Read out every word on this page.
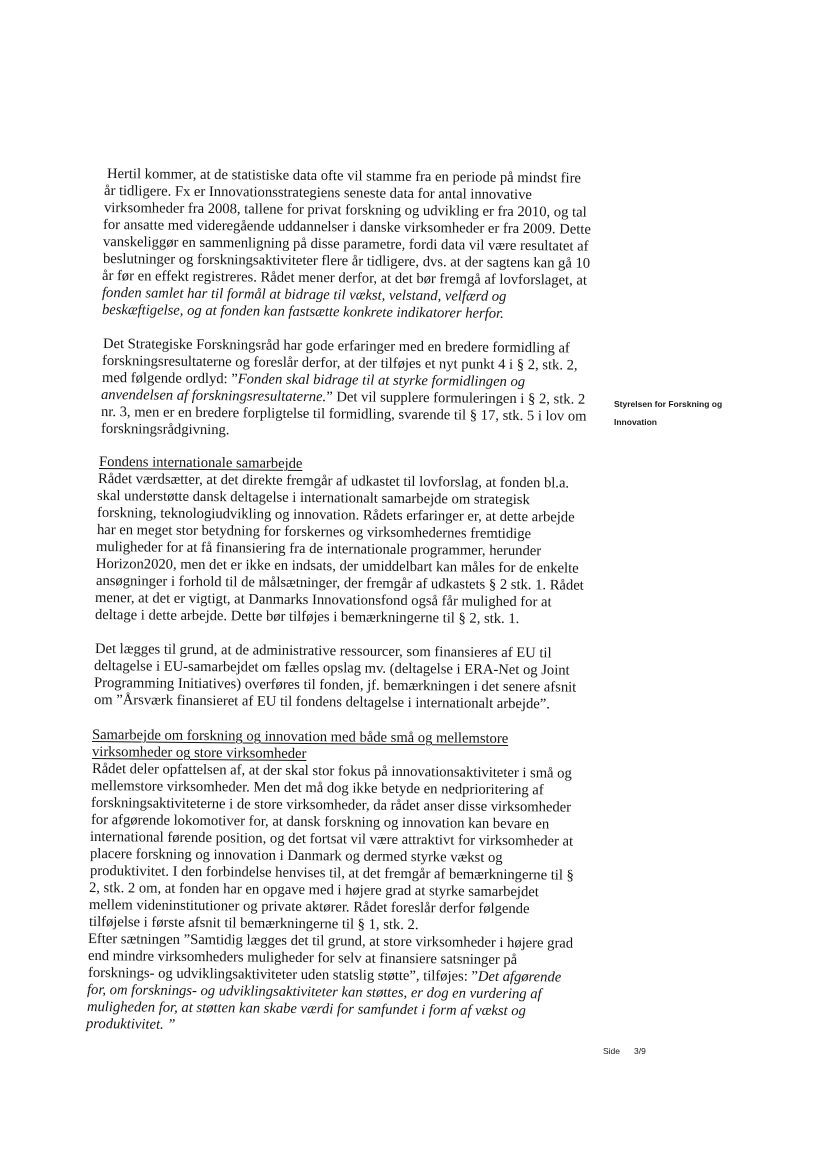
Hertil kommer, at de statistiske data ofte vil stamme fra en periode på mindst fire
år tidligere. Fx er Innovationsstrategiens seneste data for antal innovative
virksomheder fra 2008, tallene for privat forskning og udvikling er fra 2010, og tal
for ansatte med videregående uddannelser i danske virksomheder er fra 2009. Dette
vanskeliggør en sammenligning på disse parametre, fordi data vil være resultatet af
beslutninger og forskningsaktiviteter flere år tidligere, dvs. at der sagtens kan gå 10
år før en effekt registreres. Rådet mener derfor, at det bør fremgå af lovforslaget, at
fonden samlet har til formål at bidrage til vækst, velstand, velfærd og
beskæftigelse, og at fonden kan fastsætte konkrete indikatorer herfor.
Det Strategiske Forskningsråd har gode erfaringer med en bredere formidling af
forskningsresultaterne og foreslår derfor, at der tilføjes et nyt punkt 4 i § 2, stk. 2,
med følgende ordlyd: ”Fonden skal bidrage til at styrke formidlingen og
anvendelsen af forskningsresultaterne.” Det vil supplere formuleringen i § 2, stk. 2
nr. 3, men er en bredere forpligtelse til formidling, svarende til § 17, stk. 5 i lov om
forskningsrådgivning.
Styrelsen for Forskning og
Innovation
Fondens internationale samarbejde
Rådet værdsætter, at det direkte fremgår af udkastet til lovforslag, at fonden bl.a.
skal understøtte dansk deltagelse i internationalt samarbejde om strategisk
forskning, teknologiudvikling og innovation. Rådets erfaringer er, at dette arbejde
har en meget stor betydning for forskernes og virksomhedernes fremtidige
muligheder for at få finansiering fra de internationale programmer, herunder
Horizon2020, men det er ikke en indsats, der umiddelbart kan måles for de enkelte
ansøgninger i forhold til de målsætninger, der fremgår af udkastets § 2 stk. 1. Rådet
mener, at det er vigtigt, at Danmarks Innovationsfond også får mulighed for at
deltage i dette arbejde. Dette bør tilføjes i bemærkningerne til § 2, stk. 1.
Det lægges til grund, at de administrative ressourcer, som finansieres af EU til
deltagelse i EU-samarbejdet om fælles opslag mv. (deltagelse i ERA-Net og Joint
Programming Initiatives) overføres til fonden, jf. bemærkningen i det senere afsnit
om ”Årsværk finansieret af EU til fondens deltagelse i internationalt arbejde”.
Samarbejde om forskning og innovation med både små og mellemstore
virksomheder og store virksomheder
Rådet deler opfattelsen af, at der skal stor fokus på innovationsaktiviteter i små og
mellemstore virksomheder. Men det må dog ikke betyde en nedprioritering af
forskningsaktiviteterne i de store virksomheder, da rådet anser disse virksomheder
for afgørende lokomotiver for, at dansk forskning og innovation kan bevare en
international førende position, og det fortsat vil være attraktivt for virksomheder at
placere forskning og innovation i Danmark og dermed styrke vækst og
produktivitet. I den forbindelse henvises til, at det fremgår af bemærkningerne til §
2, stk. 2 om, at fonden har en opgave med i højere grad at styrke samarbejdet
mellem videninstitutioner og private aktører. Rådet foreslår derfor følgende
tilføjelse i første afsnit til bemærkningerne til § 1, stk. 2.
Efter sætningen ”Samtidig lægges det til grund, at store virksomheder i højere grad
end mindre virksomheders muligheder for selv at finansiere satsninger på
forsknings- og udviklingsaktiviteter uden statslig støtte”, tilføjes: ”Det afgørende
for, om forsknings- og udviklingsaktiviteter kan støttes, er dog en vurdering af
muligheden for, at støtten kan skabe værdi for samfundet i form af vækst og
produktivitet. ”
Side 3/9
